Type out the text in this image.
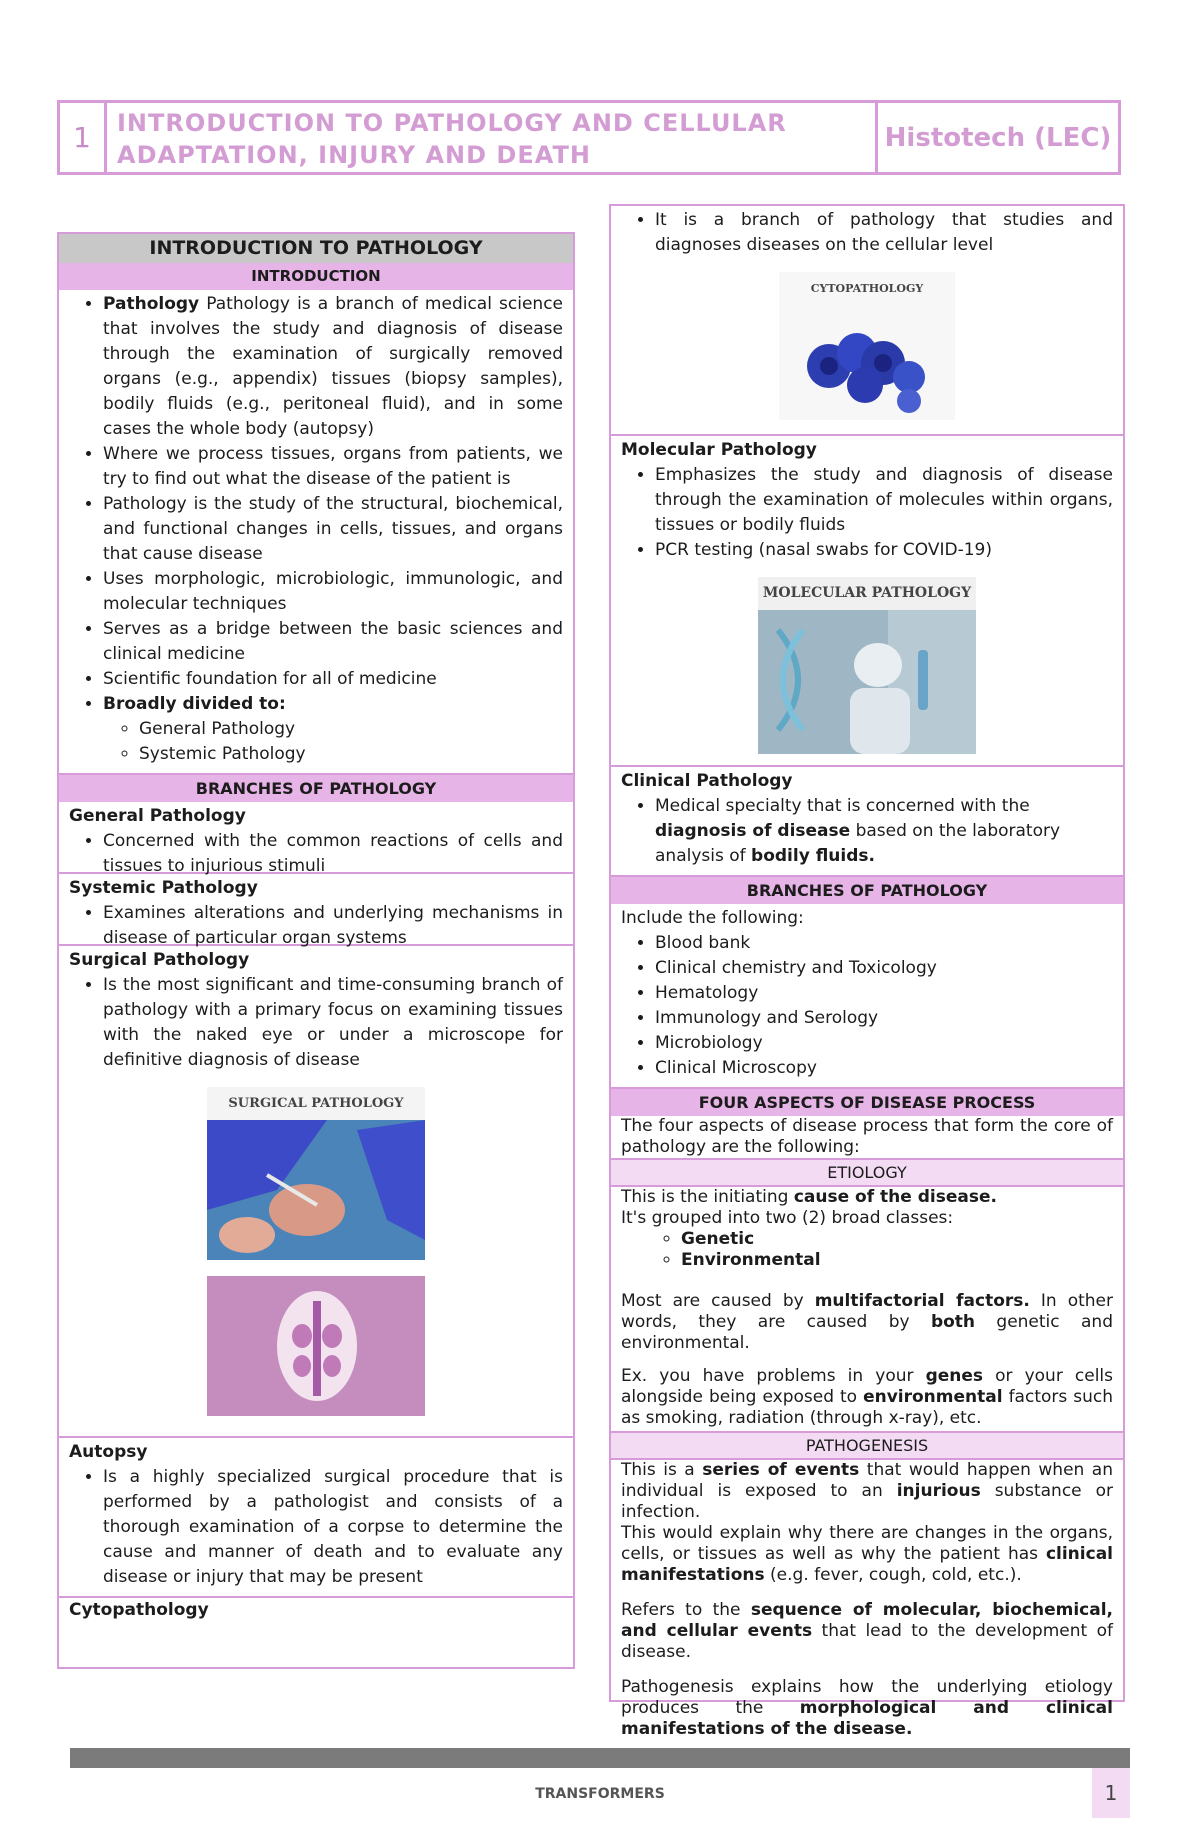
1	INTRODUCTION TO PATHOLOGY AND CELLULAR ADAPTATION, INJURY AND DEATH
Histotech (LEC)
INTRODUCTION TO PATHOLOGY
INTRODUCTION
• Pathology Pathology is a branch of medical science that involves the study and diagnosis of disease through the examination of surgically removed organs (e.g., appendix) tissues (biopsy samples), bodily fluids (e.g., peritoneal fluid), and in some cases the whole body (autopsy)
• Where we process tissues, organs from patients, we try to find out what the disease of the patient is
• Pathology is the study of the structural, biochemical, and functional changes in cells, tissues, and organs that cause disease
• Uses morphologic, microbiologic, immunologic, and molecular techniques
• Serves as a bridge between the basic sciences and clinical medicine
• Scientific foundation for all of medicine
• Broadly divided to:
◦ General Pathology
◦ Systemic Pathology
BRANCHES OF PATHOLOGY
General Pathology
• Concerned with the common reactions of cells and tissues to injurious stimuli
Systemic Pathology
• Examines alterations and underlying mechanisms in disease of particular organ systems
Surgical Pathology
• Is the most significant and time-consuming branch of pathology with a primary focus on examining tissues with the naked eye or under a microscope for definitive diagnosis of disease
SURGICAL PATHOLOGY
Autopsy
• Is a highly specialized surgical procedure that is performed by a pathologist and consists of a thorough examination of a corpse to determine the cause and manner of death and to evaluate any disease or injury that may be present
Cytopathology
• It is a branch of pathology that studies and diagnoses diseases on the cellular level
CYTOPATHOLOGY
Molecular Pathology
• Emphasizes the study and diagnosis of disease through the examination of molecules within organs, tissues or bodily fluids
• PCR testing (nasal swabs for COVID-19)
MOLECULAR PATHOLOGY
Clinical Pathology
• Medical specialty that is concerned with the diagnosis of disease based on the laboratory analysis of bodily fluids.
BRANCHES OF PATHOLOGY

Include the following:

• Blood bank
• Clinical chemistry and Toxicology
• Hematology
• Immunology and Serology
• Microbiology
• Clinical Microscopy
FOUR ASPECTS OF DISEASE PROCESS
The four aspects of disease process that form the core of pathology are the following:
ETIOLOGY

This is the initiating cause of the disease.

It's grouped into two (2) broad classes:

◦ Genetic
◦ Environmental

Most are caused by multifactorial factors. In other words, they are caused by both genetic and environmental.

Ex. you have problems in your genes or your cells alongside being exposed to environmental factors such as smoking, radiation (through x-ray), etc.

PATHOGENESIS

This is a series of events that would happen when an individual is exposed to an injurious substance or infection.

This would explain why there are changes in the organs, cells, or tissues as well as why the patient has clinical manifestations (e.g. fever, cough, cold, etc.).

Refers to the sequence of molecular, biochemical, and cellular events that lead to the development of disease.

Pathogenesis explains how the underlying etiology produces the morphological and clinical manifestations of the disease.

TRANSFORMERS	1
